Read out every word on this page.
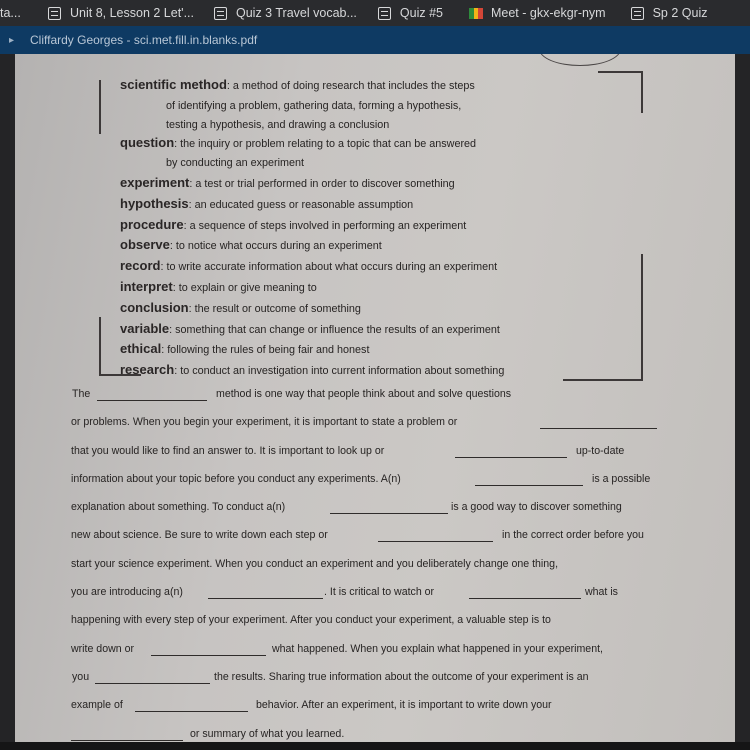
ta...	Unit 8, Lesson 2 Let'...	Quiz 3 Travel vocab...	Quiz #5	Meet - gkx-ekgr-nym	Sp 2 Quiz
▸	Cliffardy Georges - sci.met.fill.in.blanks.pdf
scientific method: a method of doing research that includes the steps
of identifying a problem, gathering data, forming a hypothesis,
testing a hypothesis, and drawing a conclusion
question: the inquiry or problem relating to a topic that can be answered
by conducting an experiment
experiment: a test or trial performed in order to discover something
hypothesis: an educated guess or reasonable assumption
procedure: a sequence of steps involved in performing an experiment
observe: to notice what occurs during an experiment
record: to write accurate information about what occurs during an experiment
interpret: to explain or give meaning to
conclusion: the result or outcome of something
variable: something that can change or influence the results of an experiment
ethical: following the rules of being fair and honest
research: to conduct an investigation into current information about something
The	method is one way that people think about and solve questions
or problems. When you begin your experiment, it is important to state a problem or
that you would like to find an answer to. It is important to look up or	up-to-date
information about your topic before you conduct any experiments. A(n)	is a possible
explanation about something. To conduct a(n)	is a good way to discover something
new about science. Be sure to write down each step or	in the correct order before you
start your science experiment. When you conduct an experiment and you deliberately change one thing,
you are introducing a(n)	. It is critical to watch or	what is
happening with every step of your experiment. After you conduct your experiment, a valuable step is to
write down or	what happened. When you explain what happened in your experiment,
you	the results. Sharing true information about the outcome of your experiment is an
example of	behavior. After an experiment, it is important to write down your
or summary of what you learned.
